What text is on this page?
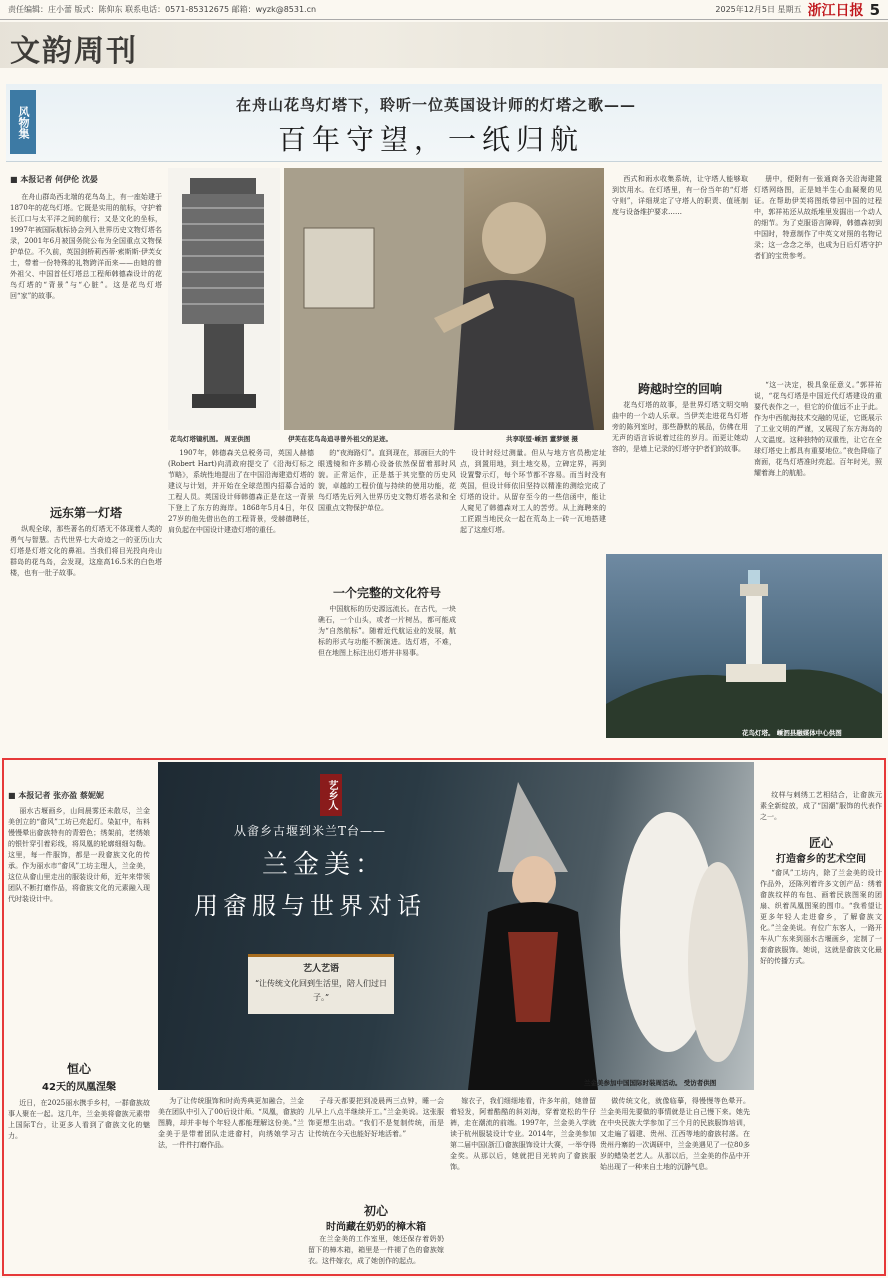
责任编辑：庄小蕾 版式：陈仰东 联系电话：0571-85312675 邮箱：wyzk@8531.cn	2025年12月5日 星期五 浙江日报 5
文韵周刊
风物集
在舟山花鸟灯塔下，聆听一位英国设计师的灯塔之歌——
百年守望，一纸归航
■ 本报记者 何伊伦 沈晏

在舟山群岛西北端的花鸟岛上，有一座始建于1870年的花鸟灯塔。它既是实用的航标，守护着长江口与太平洋之间的航行；又是文化的坐标，1997年被国际航标协会列入世界历史文物灯塔名录，2001年6月被国务院公布为全国重点文物保护单位。不久前，英国剑桥莉西蒂·索斯斯·伊芙女士，带着一份特殊的礼物跨洋而来——由她的曾外祖父、中国首任灯塔总工程师韩德森设计的花鸟灯塔的“背景”与“心脏”。这是花鸟灯塔回“家”的故事。

远东第一灯塔

纵观全球，那些著名的灯塔无不体现着人类的勇气与智慧。古代世界七大奇迹之一的亚历山大灯塔是灯塔文化的鼻祖。当我们将目光投向舟山群岛的花鸟岛，会发现，这座高16.5米的白色塔楼，也有一肚子故事。

花鸟灯塔镜机图。 周亚供图	伊芙在花鸟岛追寻曾外祖父的足迹。	共享联盟·嵊泗 董梦媛 摄

1907年，韩德森关总税务司，英国人赫德(Robert Hart)向清政府提交了《沿海灯标之节略》，系统性地提出了在中国沿海建造灯塔的建议与计划，并开始在全球范围内招募合适的工程人员。英国设计师韩德森正是在这一背景下登上了东方的海岸。1868年5月4日，年仅27岁的他先借出色的工程背景，受赫德聘任，肩负起在中国设计建造灯塔的重任。

的“夜海路灯”。直到现在，那面巨大的牛眼透镜和许多精心设备依然保留着那时风貌。正常运作，正是基于其完整的历史风貌，卓越的工程价值与持续的使用功能，花鸟灯塔先后列入世界历史文物灯塔名录和全国重点文物保护单位。

一个完整的文化符号

中国航标的历史源远流长。在古代，一块礁石，一个山头，或者一片树丛，都可能成为“自然航标”。随着近代航运业的发展，航标的形式与功能不断演进。选灯塔，不难，但在地图上标注出灯塔并非易事。

设计时经过测量。但从与地方官员勘定址点，到置用地，到土地交易，立碑定界，再到设置警示灯，每个环节都不容易。而当时没有英国，但设计师依旧坚持以精准的测绘完成了灯塔的设计。从留存至今的一些信函中，能让人窥见了韩德森对工人的苦劳。从上海聘来的工匠跟当地民众一起在荒岛上一砖一瓦地搭建起了这座灯塔。

西式和雨水收集系统，让守塔人能够取到饮用水。在灯塔里，有一份当年的“灯塔守则”，详细规定了守塔人的职责、值班制度与设备维护要求……

跨越时空的回响

花鸟灯塔的故事，是世界灯塔文明交响曲中的一个动人乐章。当伊芙走进花鸟灯塔旁的陈列室时，那些静默的展品，仿佛在用无声的语言诉说着过往的岁月。而更让她动容的，是墙上记录的灯塔守护者们的故事。

册中，便附有一张通商各关沿海建置灯塔网络图，正是她半生心血凝聚的见证。在帮助伊芙将图纸带回中国的过程中，郭祥祐还从故纸堆里发掘出一个动人的细节。为了克服语言障碍，韩德森初到中国时，特意制作了中英文对照的名物记录；这一念念之举，也成为日后灯塔守护者们的宝贵参考。

“这一决定，极具象征意义。”郭祥祐说，“花鸟灯塔是中国近代灯塔建设的重要代表作之一，但它的价值远不止于此。作为中西航海技术交融的见证，它既展示了工业文明的严谨，又展现了东方海岛的人文温度。这种独特的双重性，让它在全球灯塔史上都具有重要地位。”夜色降临了南面，花鸟灯塔准时亮起。百年时光，照耀着海上的航船。

花鸟灯塔。 嵊泗县融媒体中心供图
■ 本报记者 张亦盈 蔡妮妮

丽水古堰画乡，山间晨雾还未散尽，兰金美创立的“畲风”工坊已亮起灯。染缸中，布料慢慢晕出畲族特有的青碧色；绣架前，老绣娘的银针穿引着彩线，将凤凰的轮廓细细勾勒。这里，每一件服饰，都是一段畲族文化的传承。作为丽水市“畲风”工坊主理人，兰金美，这位从畲山里走出的服装设计师，近年来带领团队不断打磨作品，将畲族文化的元素融入现代时装设计中。

恒心
42天的凤凰涅槃

近日，在2025丽水携手乡村，一群畲族故事人聚在一起。这几年，兰金美将畲族元素带上国际T台，让更多人看到了畲族文化的魅力。

艺乡人
从畲乡古堰到米兰T台——
兰金美：
用畲服与世界对话
艺人艺语
“让传统文化回到生活里，陪人们过日子。”
兰金美参加中国国际时装周活动。 受访者供图

为了让传统服饰和时尚秀典更加融合，兰金美在团队中引入了00后设计师。“凤凰，畲族的图腾，却并非每个年轻人都能理解这份美。”兰金美于是带着团队走进畲村，向绣娘学习古法，一件件打磨作品。

子母天都要把到凌晨两三点钟，睡一会儿早上八点半继续开工。”兰金美说。这张服饰更想生出动。“我们不是复制传统，而是让传统在今天也能好好地活着。”

初心
时尚藏在奶奶的樟木箱

在兰金美的工作室里，她还保存着奶奶留下的樟木箱，箱里是一件褪了色的畲族嫁衣。这件嫁衣，成了她创作的起点。

嫁衣子，我们细细地看，许多年前，她曾留着轻发，阿着酷酷的斜刘海，穿着宽松的牛仔裤，走在潮流的前端。1997年，兰金美入学就读于杭州服装设计专业。2014年，兰金美参加第二届中国(浙江)畲族服饰设计大赛，一举夺得金奖。从那以后，她就把目光转向了畲族服饰。

做传统文化，就像临摹，得慢慢等色晕开。兰金美用先要做的事情就是让自己慢下来。她先在中央民族大学参加了三个月的民族服饰培训，又走遍了福建、贵州、江西等地的畲族村落。在贵州丹寨的一次调研中，兰金美遇见了一位80多岁的蜡染老艺人。从那以后，兰金美的作品中开始出现了一种来自土地的沉静气息。

纹样与刺绣工艺相结合，让畲族元素全新绽放，成了“国潮”服饰的代表作之一。

匠心
打造畲乡的艺术空间

“畲风”工坊内，除了兰金美的设计作品外，还陈列着许多文创产品：绣着畲族纹样的布包、画着民族图案的团扇、织着凤凰图案的围巾。“我希望让更多年轻人走进畲乡，了解畲族文化。”兰金美说。有位广东客人，一路开车从广东来到丽水古堰画乡，定制了一套畲族服饰。她说，这就是畲族文化最好的传播方式。
